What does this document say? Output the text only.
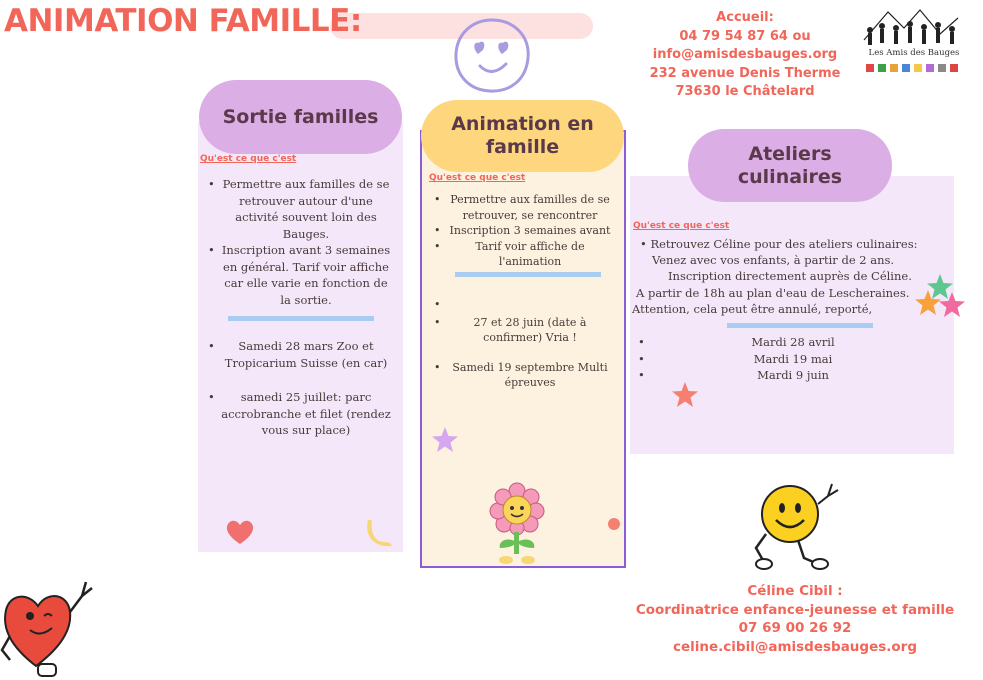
ANIMATION FAMILLE:	Accueil:
04 79 54 87 64 ou
info@amisdesbauges.org
232 avenue Denis Therme
73630 le Châtelard
Les Amis des Bauges
Sortie familles	Animation en famille	Ateliers culinaires
Qu'est ce que c'est
• Permettre aux familles de se retrouver autour d'une activité souvent loin des Bauges.
• Inscription avant 3 semaines en général. Tarif voir affiche car elle varie en fonction de la sortie.
• Samedi 28 mars Zoo et Tropicarium Suisse (en car)
• samedi 25 juillet: parc accrobranche et filet (rendez vous sur place)
Qu'est ce que c'est
• Permettre aux familles de se retrouver, se rencontrer
• Inscription 3 semaines avant
• Tarif voir affiche de l'animation
•
• 27 et 28 juin (date à confirmer) Vria !
• Samedi 19 septembre Multi épreuves
Qu'est ce que c'est
• Retrouvez Céline pour des ateliers culinaires:
Venez avec vos enfants, à partir de 2 ans.
Inscription directement auprès de Céline.
A partir de 18h au plan d'eau de Lescheraines.
Attention, cela peut être annulé, reporté,
• Mardi 28 avril
• Mardi 19 mai
• Mardi 9 juin
Céline Cibil :
Coordinatrice enfance-jeunesse et famille
07 69 00 26 92
celine.cibil@amisdesbauges.org
